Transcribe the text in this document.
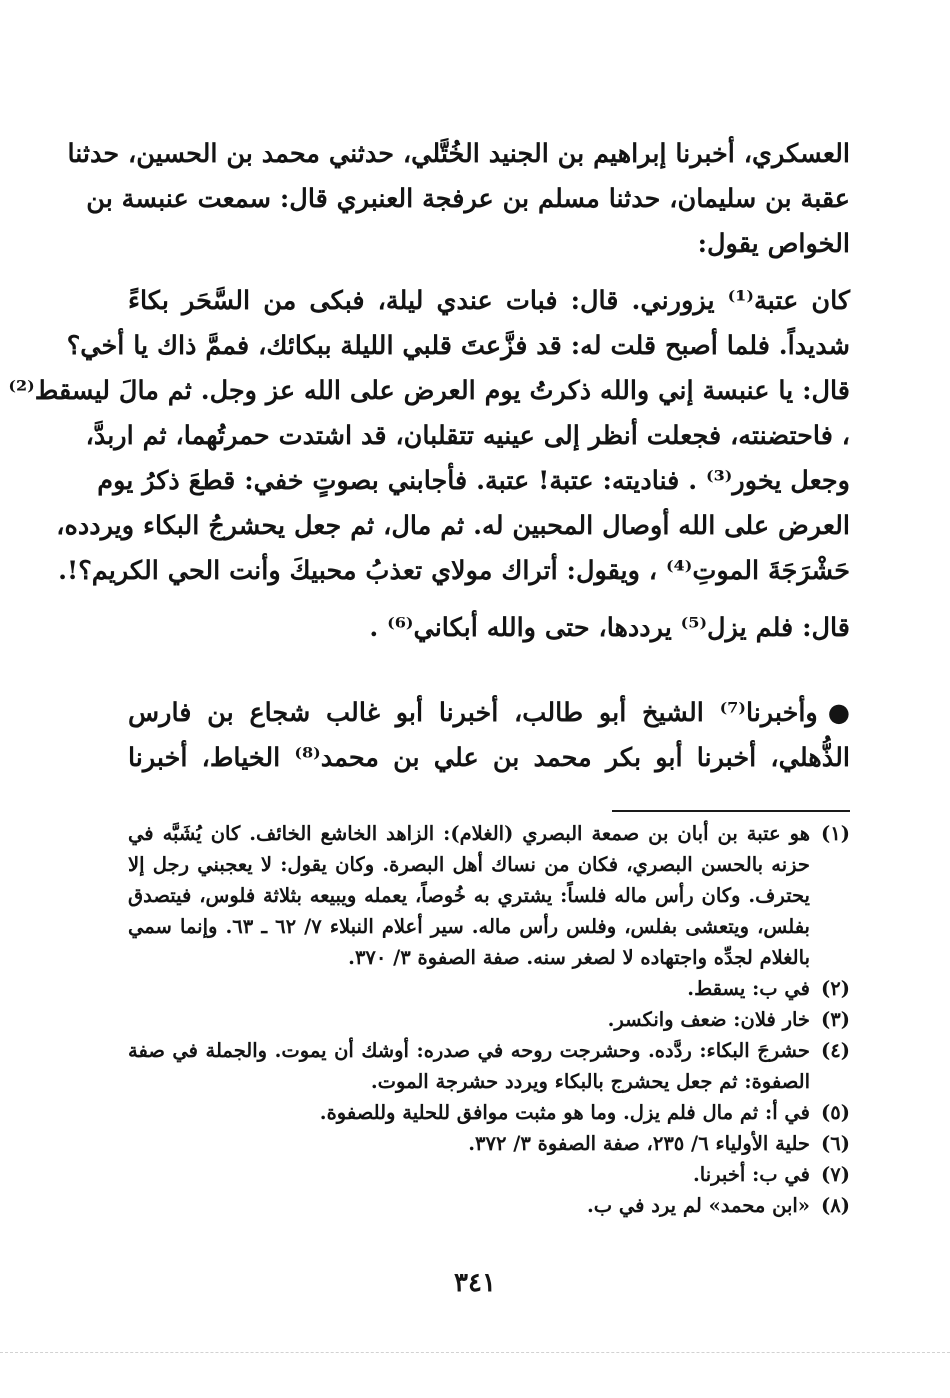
العسكري، أخبرنا إبراهيم بن الجنيد الخُتَّلي، حدثني محمد بن الحسين، حدثنا
عقبة بن سليمان، حدثنا مسلم بن عرفجة العنبري قال: سمعت عنبسة بن
الخواص يقول:
كان عتبة⁽¹⁾ يزورني. قال: فبات عندي ليلة، فبكى من السَّحَر بكاءً
شديداً. فلما أصبح قلت له: قد فزَّعتَ قلبي الليلة ببكائك، فممَّ ذاك يا أخي؟
قال: يا عنبسة إني والله ذكرتُ يوم العرض على الله عز وجل. ثم مالَ ليسقط⁽²⁾
، فاحتضنته، فجعلت أنظر إلى عينيه تتقلبان، قد اشتدت حمرتُهما، ثم اربدَّ،
وجعل يخور⁽³⁾ . فناديته: عتبة! عتبة. فأجابني بصوتٍ خفي: قطعَ ذكرُ يوم
العرض على الله أوصال المحبين له. ثم مال، ثم جعل يحشرجُ البكاء ويردده،
حَشْرَجَةَ الموتِ⁽⁴⁾ ، ويقول: أتراك مولاي تعذبُ محبيكَ وأنت الحي الكريم؟!.
قال: فلم يزل⁽⁵⁾ يرددها، حتى والله أبكاني⁽⁶⁾ .
●وأخبرنا⁽⁷⁾ الشيخ أبو طالب، أخبرنا أبو غالب شجاع بن فارس
الذُّهلي، أخبرنا أبو بكر محمد بن علي بن محمد⁽⁸⁾ الخياط، أخبرنا
(١)
هو عتبة بن أبان بن صمعة البصري (الغلام): الزاهد الخاشع الخائف. كان يُشَبَّه في
حزنه بالحسن البصري، فكان من نساك أهل البصرة. وكان يقول: لا يعجبني رجل إلا
يحترف. وكان رأس ماله فلساً: يشتري به خُوصاً، يعمله ويبيعه بثلاثة فلوس، فيتصدق
بفلس، ويتعشى بفلس، وفلس رأس ماله. سير أعلام النبلاء ٧/ ٦٢ ـ ٦٣. وإنما سمي
بالغلام لجدِّه واجتهاده لا لصغر سنه. صفة الصفوة ٣/ ٣٧٠.
(٢)
في ب: يسقط.
(٣)
خار فلان: ضعف وانكسر.
(٤)
حشرجَ البكاء: ردَّده. وحشرجت روحه في صدره: أوشك أن يموت. والجملة في صفة
الصفوة: ثم جعل يحشرج بالبكاء ويردد حشرجة الموت.
(٥)
في أ: ثم مال فلم يزل. وما هو مثبت موافق للحلية وللصفوة.
(٦)
حلية الأولياء ٦/ ٢٣٥، صفة الصفوة ٣/ ٣٧٢.
(٧)
في ب: أخبرنا.
(٨)
«ابن محمد» لم يرد في ب.
٣٤١
